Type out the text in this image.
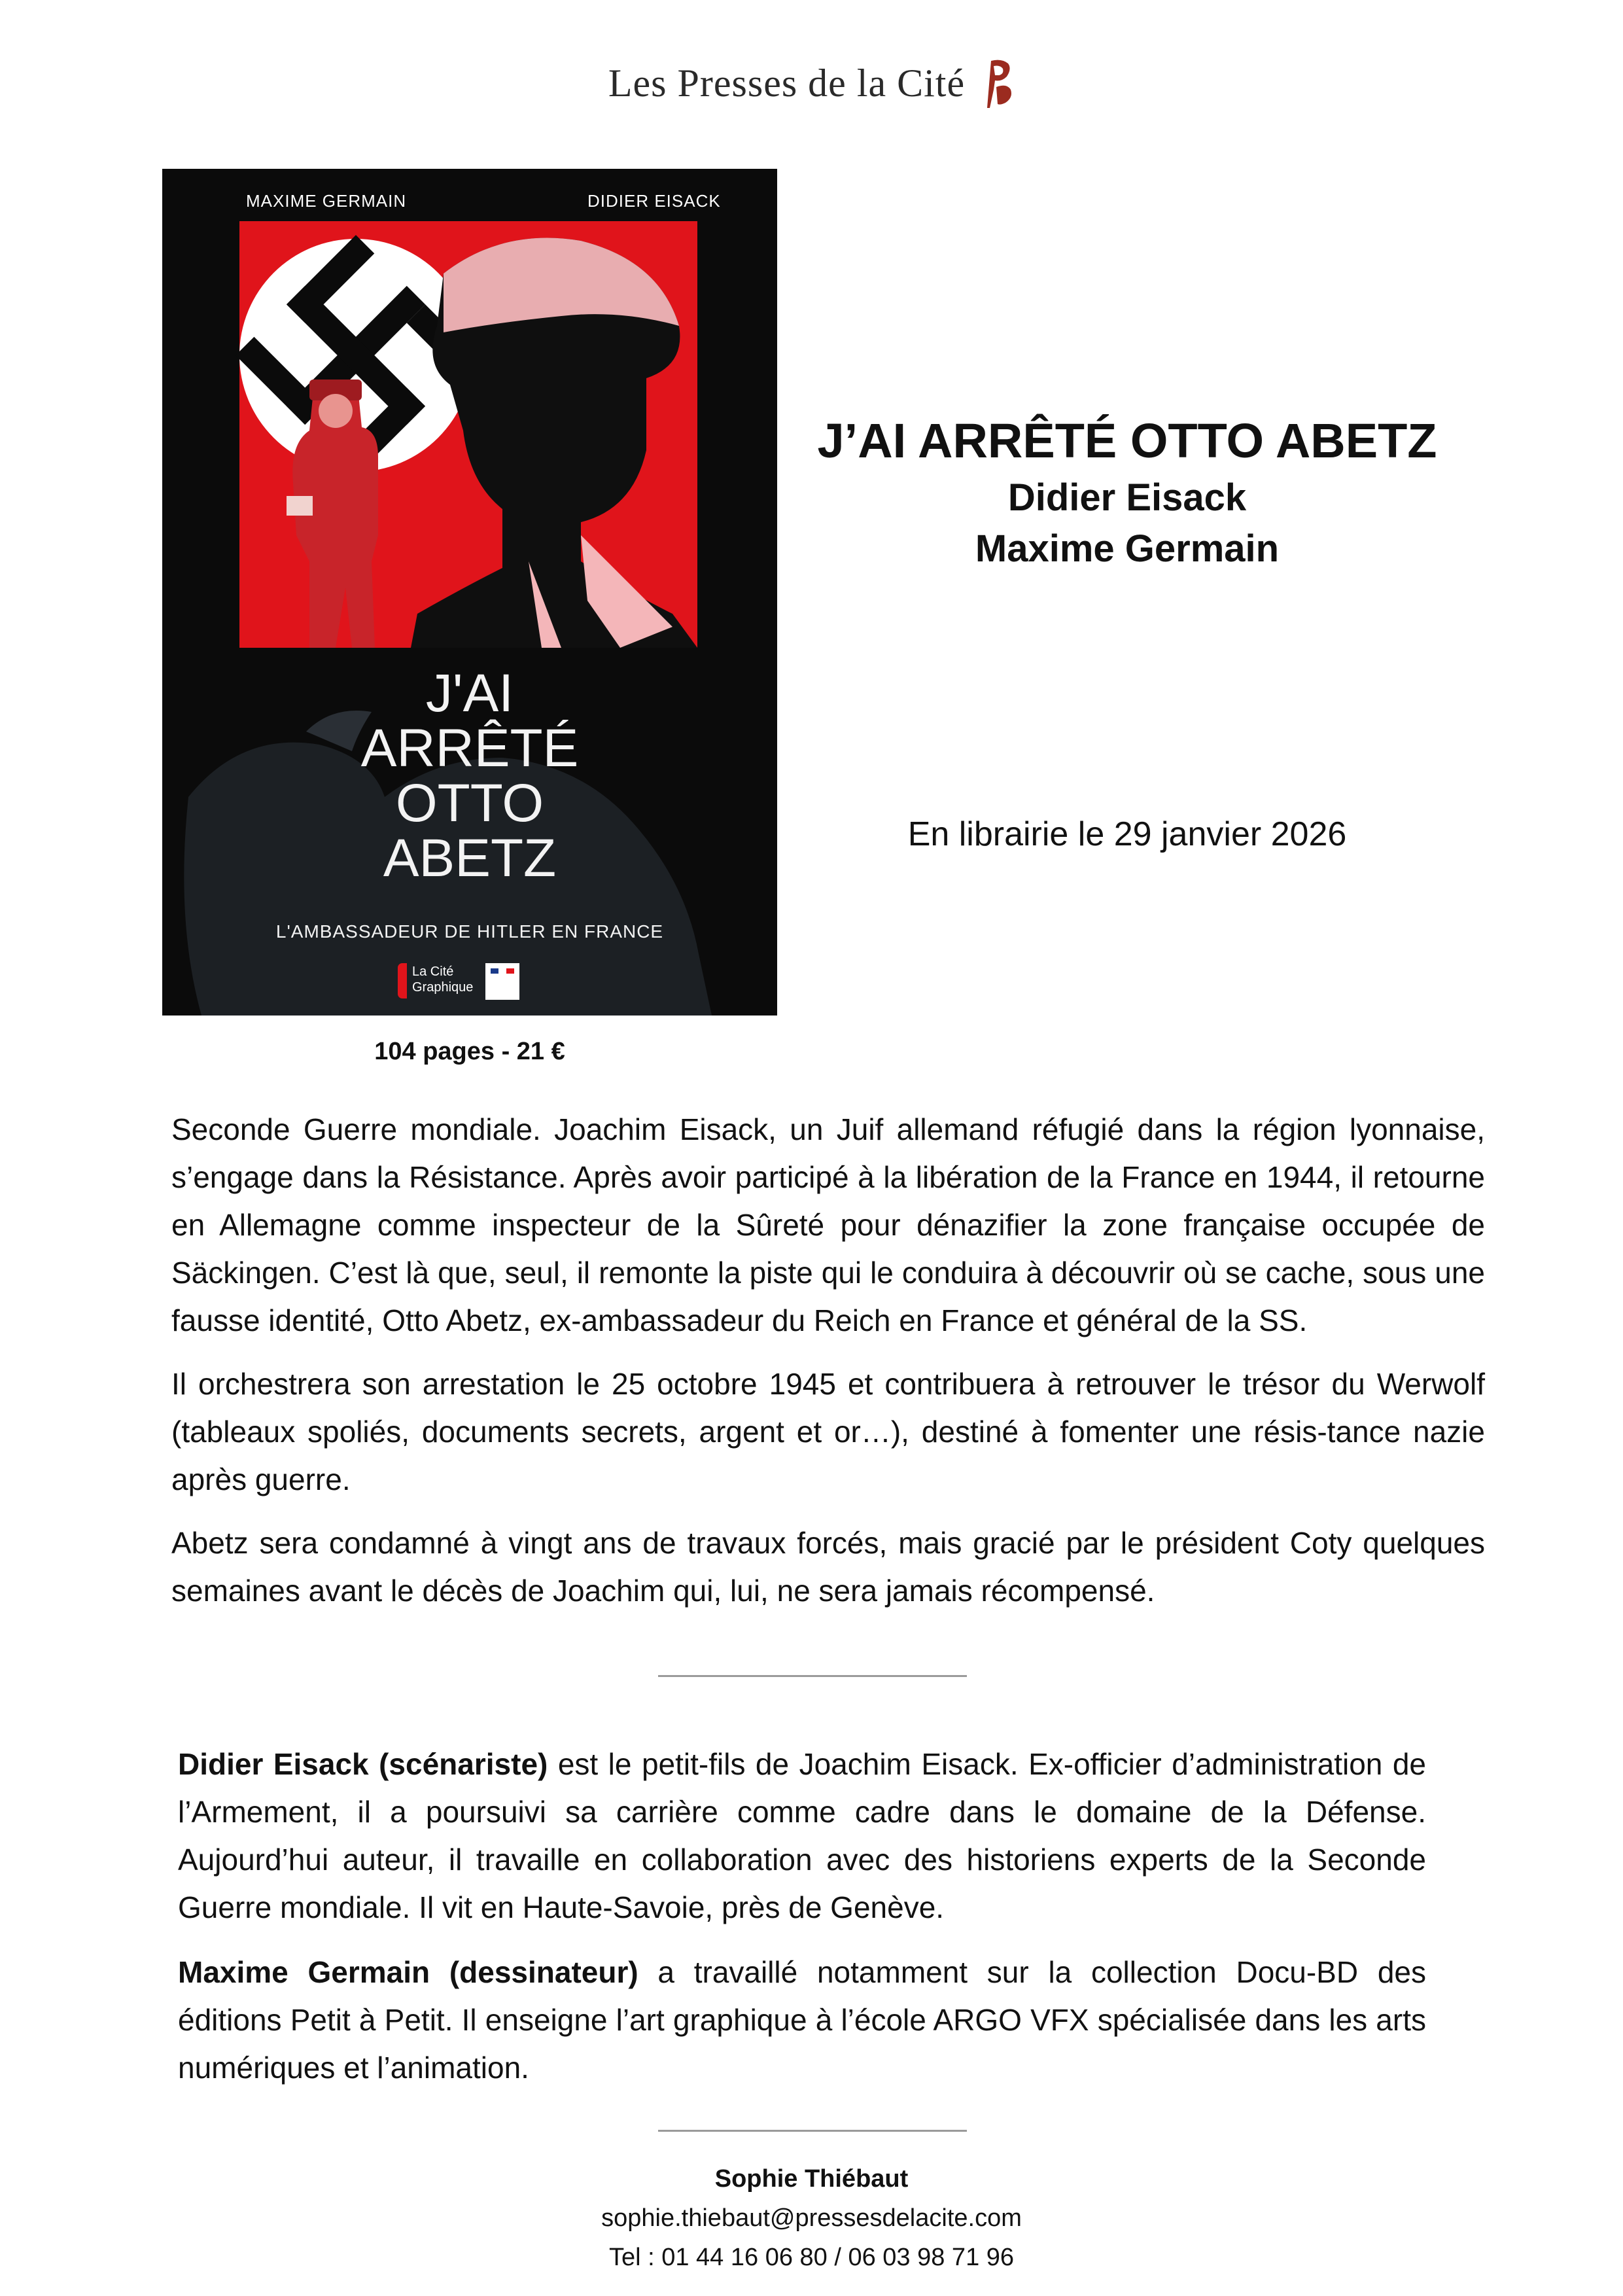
Les Presses de la Cité
MAXIME GERMAIN	DIDIER EISACK
J'AI
ARRÊTÉ
OTTO
ABETZ
L'AMBASSADEUR DE HITLER EN FRANCE
La Cité
Graphique
104 pages - 21 €
J’AI ARRÊTÉ OTTO ABETZ
Didier Eisack
Maxime Germain
En librairie le 29 janvier 2026

Seconde Guerre mondiale. Joachim Eisack, un Juif allemand réfugié dans la région lyonnaise, s’engage dans la Résistance. Après avoir participé à la libération de la France en 1944, il retourne en Allemagne comme inspecteur de la Sûreté pour dénazifier la zone française occupée de Säckingen. C’est là que, seul, il remonte la piste qui le conduira à découvrir où se cache, sous une fausse identité, Otto Abetz, ex-ambassadeur du Reich en France et général de la SS.

Il orchestrera son arrestation le 25 octobre 1945 et contribuera à retrouver le trésor du Werwolf (tableaux spoliés, documents secrets, argent et or…), destiné à fomenter une résis-tance nazie après guerre.

Abetz sera condamné à vingt ans de travaux forcés, mais gracié par le président Coty quelques semaines avant le décès de Joachim qui, lui, ne sera jamais récompensé.

Didier Eisack (scénariste) est le petit-fils de Joachim Eisack. Ex-officier d’administration de l’Armement, il a poursuivi sa carrière comme cadre dans le domaine de la Défense. Aujourd’hui auteur, il travaille en collaboration avec des historiens experts de la Seconde Guerre mondiale. Il vit en Haute-Savoie, près de Genève.

Maxime Germain (dessinateur) a travaillé notamment sur la collection Docu-BD des éditions Petit à Petit. Il enseigne l’art graphique à l’école ARGO VFX spécialisée dans les arts numériques et l’animation.

Sophie Thiébaut
sophie.thiebaut@pressesdelacite.com
Tel : 01 44 16 06 80 / 06 03 98 71 96
